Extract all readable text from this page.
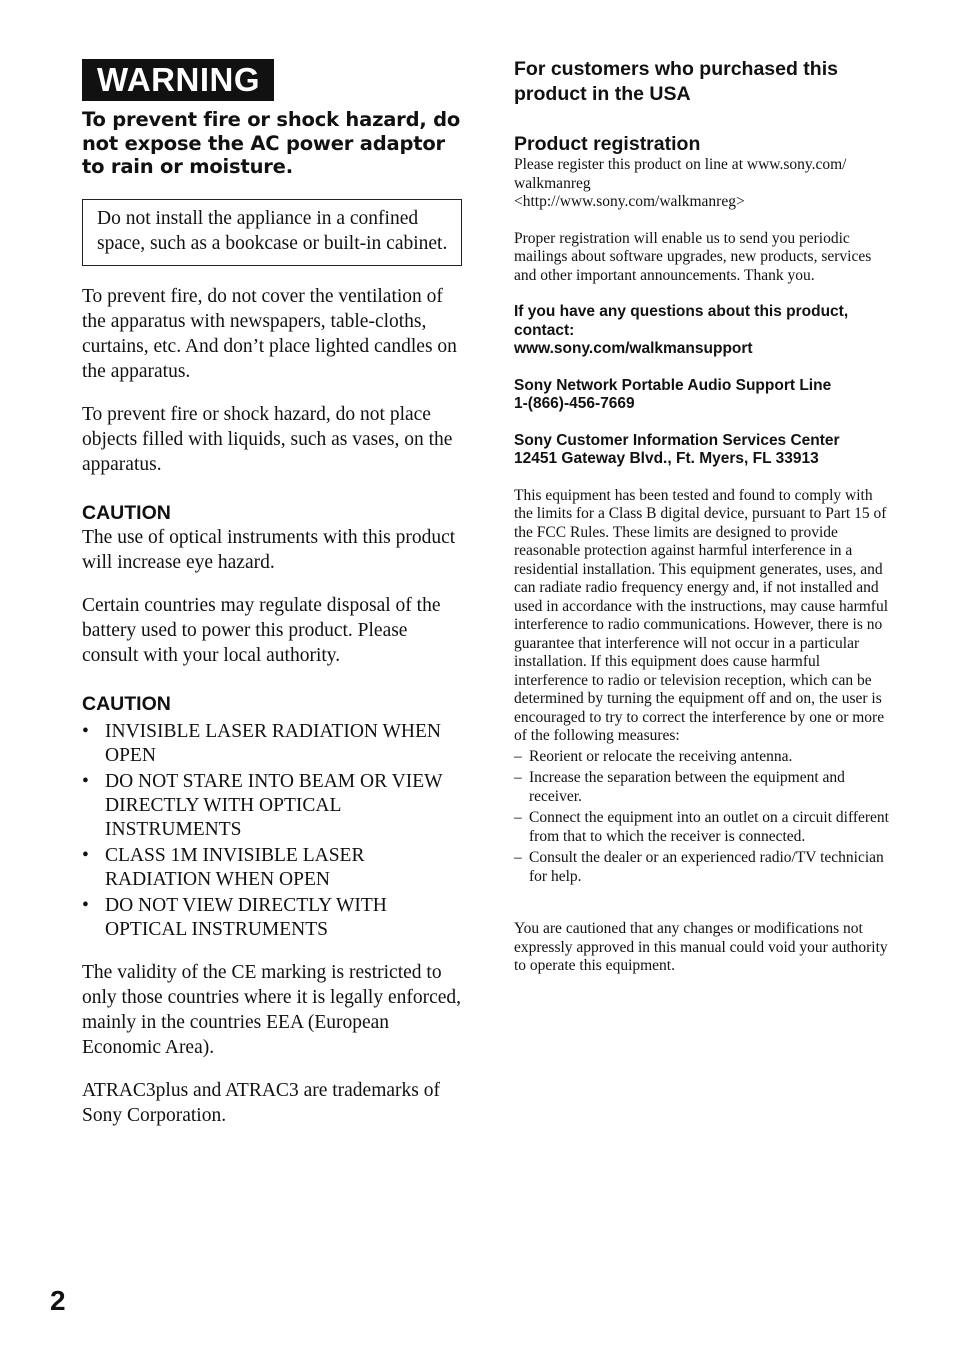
WARNING

To prevent fire or shock hazard, do not expose the AC power adaptor to rain or moisture.

Do not install the appliance in a confined space, such as a bookcase or built-in cabinet.

To prevent fire, do not cover the ventilation of the apparatus with newspapers, table-cloths, curtains, etc. And don’t place lighted candles on the apparatus.

To prevent fire or shock hazard, do not place objects filled with liquids, such as vases, on the apparatus.

CAUTION

The use of optical instruments with this product will increase eye hazard.

Certain countries may regulate disposal of the battery used to power this product. Please consult with your local authority.

CAUTION

• INVISIBLE LASER RADIATION WHEN OPEN
• DO NOT STARE INTO BEAM OR VIEW DIRECTLY WITH OPTICAL INSTRUMENTS
• CLASS 1M INVISIBLE LASER RADIATION WHEN OPEN
• DO NOT VIEW DIRECTLY WITH OPTICAL INSTRUMENTS

The validity of the CE marking is restricted to only those countries where it is legally enforced, mainly in the countries EEA (European Economic Area).

ATRAC3plus and ATRAC3 are trademarks of Sony Corporation.

For customers who purchased this product in the USA

Product registration

Please register this product on line at www.sony.com/ walkmanreg

<http://www.sony.com/walkmanreg>

Proper registration will enable us to send you periodic mailings about software upgrades, new products, services and other important announcements. Thank you.

If you have any questions about this product, contact:
www.sony.com/walkmansupport

Sony Network Portable Audio Support Line
1-(866)-456-7669

Sony Customer Information Services Center
12451 Gateway Blvd., Ft. Myers, FL 33913

This equipment has been tested and found to comply with the limits for a Class B digital device, pursuant to Part 15 of the FCC Rules. These limits are designed to provide reasonable protection against harmful interference in a residential installation. This equipment generates, uses, and can radiate radio frequency energy and, if not installed and used in accordance with the instructions, may cause harmful interference to radio communications. However, there is no guarantee that interference will not occur in a particular installation. If this equipment does cause harmful interference to radio or television reception, which can be determined by turning the equipment off and on, the user is encouraged to try to correct the interference by one or more of the following measures:

– Reorient or relocate the receiving antenna.
– Increase the separation between the equipment and receiver.
– Connect the equipment into an outlet on a circuit different from that to which the receiver is connected.
– Consult the dealer or an experienced radio/TV technician for help.

You are cautioned that any changes or modifications not expressly approved in this manual could void your authority to operate this equipment.

2
